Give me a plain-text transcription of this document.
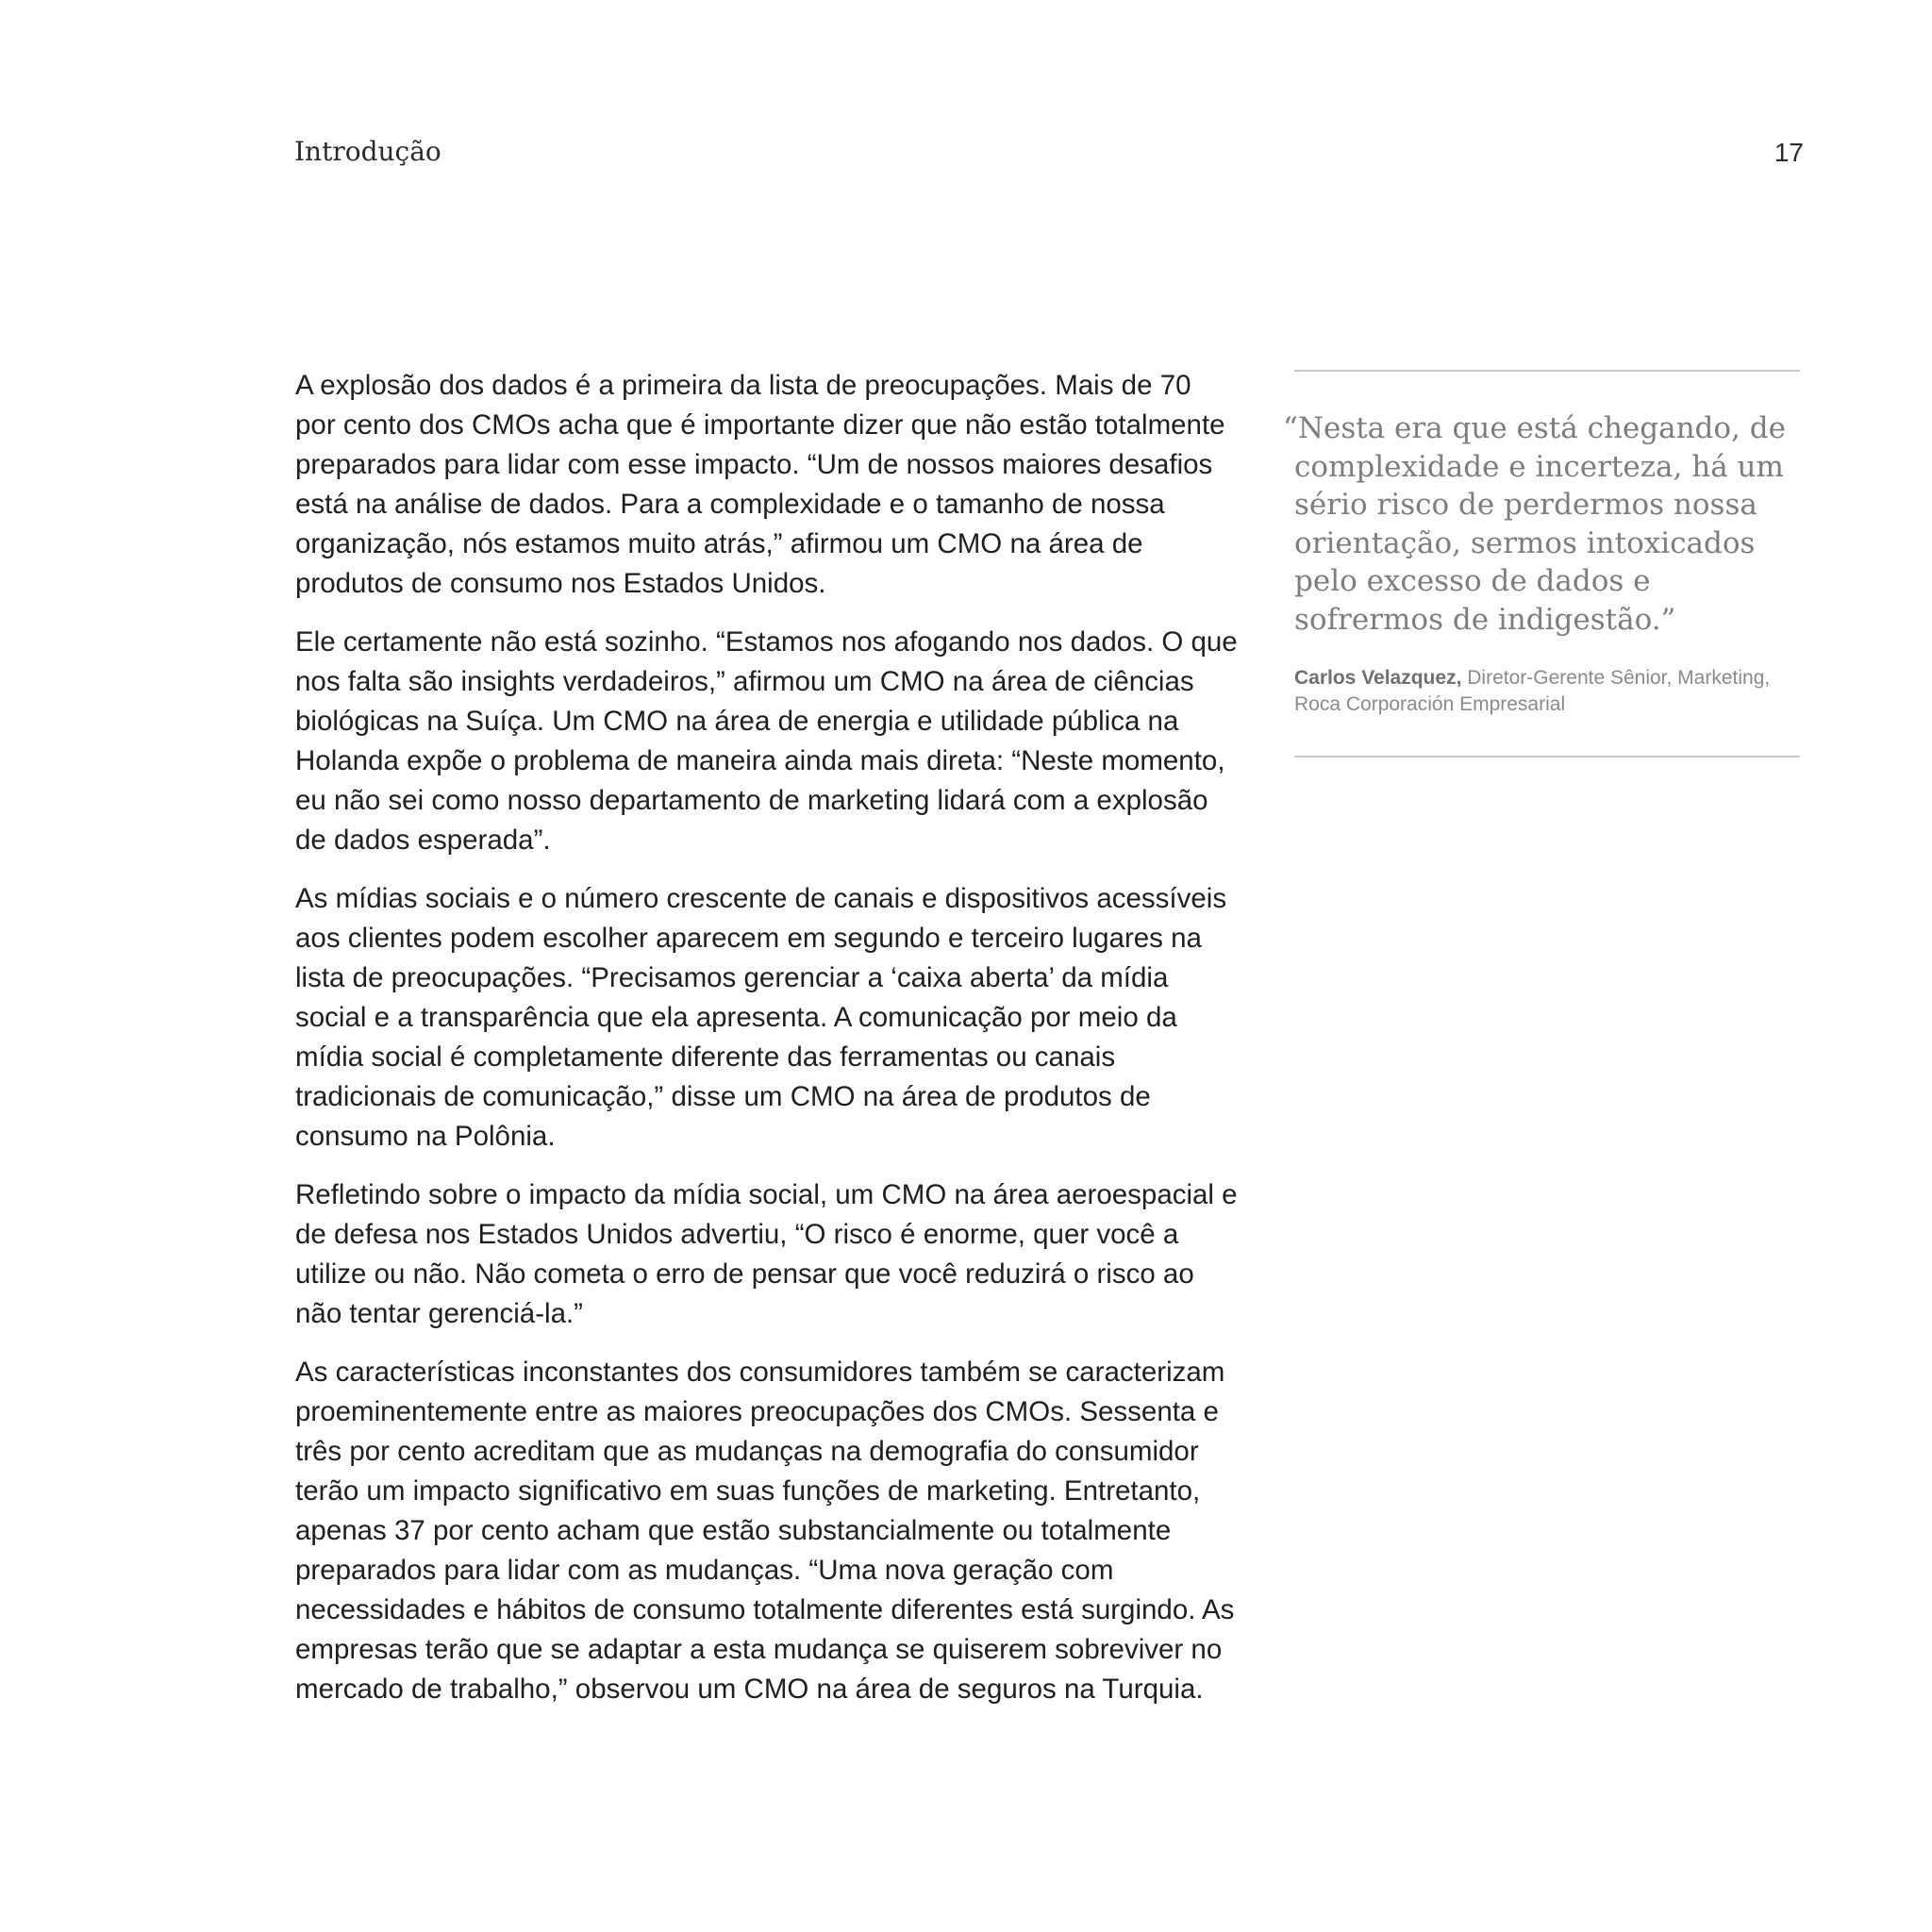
Introdução	17

A explosão dos dados é a primeira da lista de preocupações. Mais de 70 por cento dos CMOs acha que é importante dizer que não estão totalmente preparados para lidar com esse impacto. “Um de nossos maiores desafios está na análise de dados. Para a complexidade e o tamanho de nossa organização, nós estamos muito atrás,” afirmou um CMO na área de produtos de consumo nos Estados Unidos.

Ele certamente não está sozinho. “Estamos nos afogando nos dados. O que nos falta são insights verdadeiros,” afirmou um CMO na área de ciências biológicas na Suíça. Um CMO na área de energia e utilidade pública na Holanda expõe o problema de maneira ainda mais direta: “Neste momento, eu não sei como nosso departamento de marketing lidará com a explosão de dados esperada”.

As mídias sociais e o número crescente de canais e dispositivos acessíveis aos clientes podem escolher aparecem em segundo e terceiro lugares na lista de preocupações. “Precisamos gerenciar a ‘caixa aberta’ da mídia social e a transparência que ela apresenta. A comunicação por meio da mídia social é completamente diferente das ferramentas ou canais tradicionais de comunicação,” disse um CMO na área de produtos de consumo na Polônia.

Refletindo sobre o impacto da mídia social, um CMO na área aeroespacial e de defesa nos Estados Unidos advertiu, “O risco é enorme, quer você a utilize ou não. Não cometa o erro de pensar que você reduzirá o risco ao não tentar gerenciá-la.”

As características inconstantes dos consumidores também se caracterizam proeminentemente entre as maiores preocupações dos CMOs. Sessenta e três por cento acreditam que as mudanças na demografia do consumidor terão um impacto significativo em suas funções de marketing. Entretanto, apenas 37 por cento acham que estão substancialmente ou totalmente preparados para lidar com as mudanças. “Uma nova geração com necessidades e hábitos de consumo totalmente diferentes está surgindo. As empresas terão que se adaptar a esta mudança se quiserem sobreviver no mercado de trabalho,” observou um CMO na área de seguros na Turquia.

“Nesta era que está chegando, de complexidade e incerteza, há um sério risco de perdermos nossa orientação, sermos intoxicados pelo excesso de dados e sofrermos de indigestão.”

Carlos Velazquez, Diretor-Gerente Sênior, Marketing, Roca Corporación Empresarial
